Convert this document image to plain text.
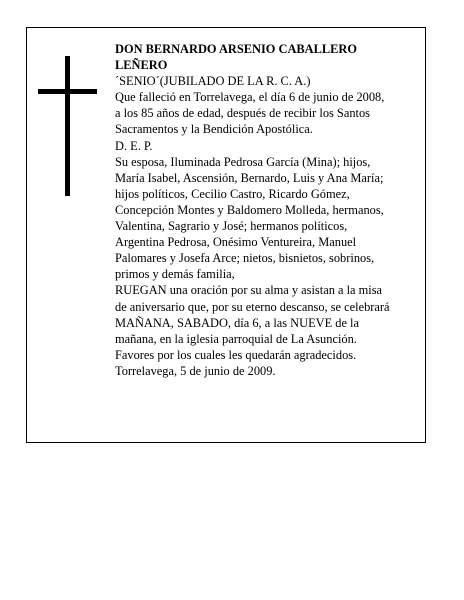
DON BERNARDO ARSENIO CABALLERO
LEÑERO
´SENIO´(JUBILADO DE LA R. C. A.)
Que falleció en Torrelavega, el día 6 de junio de 2008,
a los 85 años de edad, después de recibir los Santos
Sacramentos y la Bendición Apostólica.
D. E. P.
Su esposa, Iluminada Pedrosa García (Mina); hijos,
María Isabel, Ascensión, Bernardo, Luis y Ana María;
hijos políticos, Cecilio Castro, Ricardo Gómez,
Concepción Montes y Baldomero Molleda, hermanos,
Valentina, Sagrario y José; hermanos políticos,
Argentina Pedrosa, Onésimo Ventureira, Manuel
Palomares y Josefa Arce; nietos, bisnietos, sobrinos,
primos y demás familia,
RUEGAN una oración por su alma y asistan a la misa
de aniversario que, por su eterno descanso, se celebrará
MAÑANA, SABADO, día 6, a las NUEVE de la
mañana, en la iglesia parroquial de La Asunción.
Favores por los cuales les quedarán agradecidos.
Torrelavega, 5 de junio de 2009.
